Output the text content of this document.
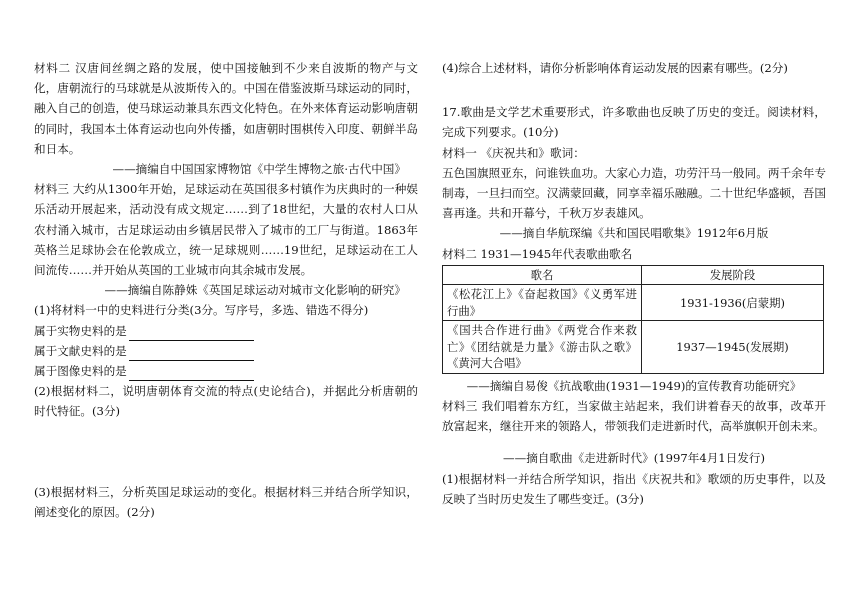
材料二 汉唐间丝绸之路的发展，使中国接触到不少来自波斯的物产与文化，唐朝流行的马球就是从波斯传入的。中国在借鉴波斯马球运动的同时，融入自己的创造，使马球运动兼具东西文化特色。在外来体育运动影响唐朝的同时，我国本土体育运动也向外传播，如唐朝时围棋传入印度、朝鲜半岛和日本。

——摘编自中国国家博物馆《中学生博物之旅·古代中国》

材料三 大约从1300年开始，足球运动在英国很多村镇作为庆典时的一种娱乐活动开展起来，活动没有成文规定……到了18世纪，大量的农村人口从农村涌入城市，古足球运动由乡镇居民带入了城市的工厂与街道。1863年英格兰足球协会在伦敦成立，统一足球规则……19世纪，足球运动在工人间流传……并开始从英国的工业城市向其余城市发展。

——摘编自陈静姝《英国足球运动对城市文化影响的研究》

(1)将材料一中的史料进行分类(3分。写序号，多选、错选不得分)

属于实物史料的是

属于文献史料的是

属于图像史料的是

(2)根据材料二，说明唐朝体育交流的特点(史论结合)，并据此分析唐朝的时代特征。(3分)

(3)根据材料三，分析英国足球运动的变化。根据材料三并结合所学知识，阐述变化的原因。(2分)

(4)综合上述材料，请你分析影响体育运动发展的因素有哪些。(2分)

17.歌曲是文学艺术重要形式，许多歌曲也反映了历史的变迁。阅读材料，完成下列要求。(10分)

材料一 《庆祝共和》歌词：

五色国旗照亚东，问谁铁血功。大家心力造，功劳汗马一般同。两千余年专制毒，一旦扫而空。汉满蒙回藏，同享幸福乐融融。二十世纪华盛顿，吾国喜再逢。共和开幕兮，千秋万岁表雄风。

——摘自华航琛编《共和国民唱歌集》1912年6月版

材料二 1931—1945年代表歌曲歌名

歌名	发展阶段
《松花江上》《奋起救国》《义勇军进行曲》	1931-1936(启蒙期)
《国共合作进行曲》《两党合作来救亡》《团结就是力量》《游击队之歌》《黄河大合唱》	1937—1945(发展期)

——摘编自易俊《抗战歌曲(1931—1949)的宣传教育功能研究》

材料三 我们唱着东方红，当家做主站起来，我们讲着春天的故事，改革开放富起来，继往开来的领路人，带领我们走进新时代，高举旗帜开创未来。

——摘自歌曲《走进新时代》(1997年4月1日发行)

(1)根据材料一并结合所学知识，指出《庆祝共和》歌颂的历史事件，以及反映了当时历史发生了哪些变迁。(3分)
